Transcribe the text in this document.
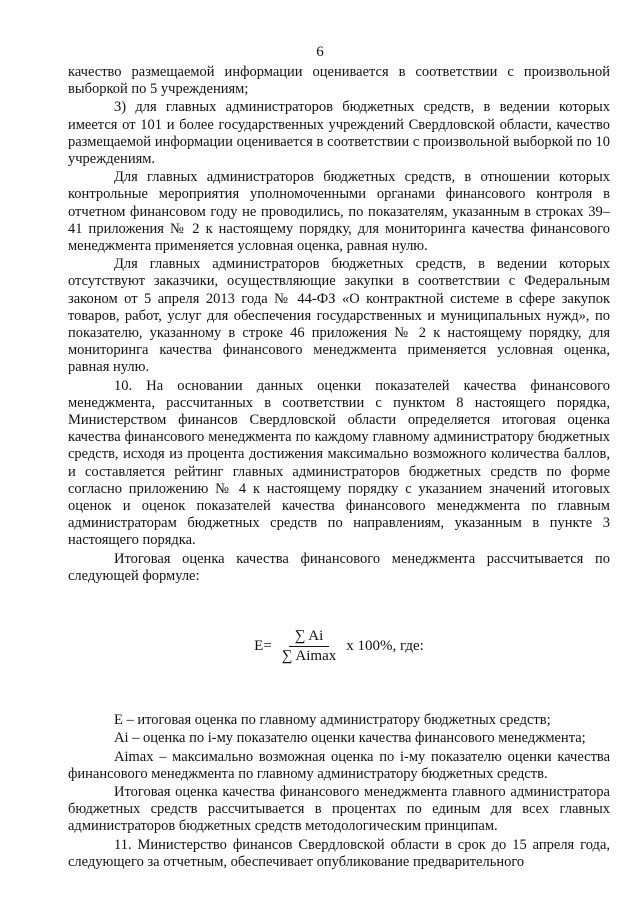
6

качество размещаемой информации оценивается в соответствии с произвольной выборкой по 5 учреждениям;

3) для главных администраторов бюджетных средств, в ведении которых имеется от 101 и более государственных учреждений Свердловской области, качество размещаемой информации оценивается в соответствии с произвольной выборкой по 10 учреждениям.

Для главных администраторов бюджетных средств, в отношении которых контрольные мероприятия уполномоченными органами финансового контроля в отчетном финансовом году не проводились, по показателям, указанным в строках 39–41 приложения № 2 к настоящему порядку, для мониторинга качества финансового менеджмента применяется условная оценка, равная нулю.

Для главных администраторов бюджетных средств, в ведении которых отсутствуют заказчики, осуществляющие закупки в соответствии с Федеральным законом от 5 апреля 2013 года № 44-ФЗ «О контрактной системе в сфере закупок товаров, работ, услуг для обеспечения государственных и муниципальных нужд», по показателю, указанному в строке 46 приложения № 2 к настоящему порядку, для мониторинга качества финансового менеджмента применяется условная оценка, равная нулю.

10. На основании данных оценки показателей качества финансового менеджмента, рассчитанных в соответствии с пунктом 8 настоящего порядка, Министерством финансов Свердловской области определяется итоговая оценка качества финансового менеджмента по каждому главному администратору бюджетных средств, исходя из процента достижения максимально возможного количества баллов, и составляется рейтинг главных администраторов бюджетных средств по форме согласно приложению № 4 к настоящему порядку с указанием значений итоговых оценок и оценок показателей качества финансового менеджмента по главным администраторам бюджетных средств по направлениям, указанным в пункте 3 настоящего порядка.

Итоговая оценка качества финансового менеджмента рассчитывается по следующей формуле:

$E= \frac{\sum Ai}{\sum Aimax}$ x 100%, где:

E – итоговая оценка по главному администратору бюджетных средств;

Ai – оценка по i-му показателю оценки качества финансового менеджмента;

Aimax – максимально возможная оценка по i-му показателю оценки качества финансового менеджмента по главному администратору бюджетных средств.

Итоговая оценка качества финансового менеджмента главного администратора бюджетных средств рассчитывается в процентах по единым для всех главных администраторов бюджетных средств методологическим принципам.

11. Министерство финансов Свердловской области в срок до 15 апреля года, следующего за отчетным, обеспечивает опубликование предварительного
